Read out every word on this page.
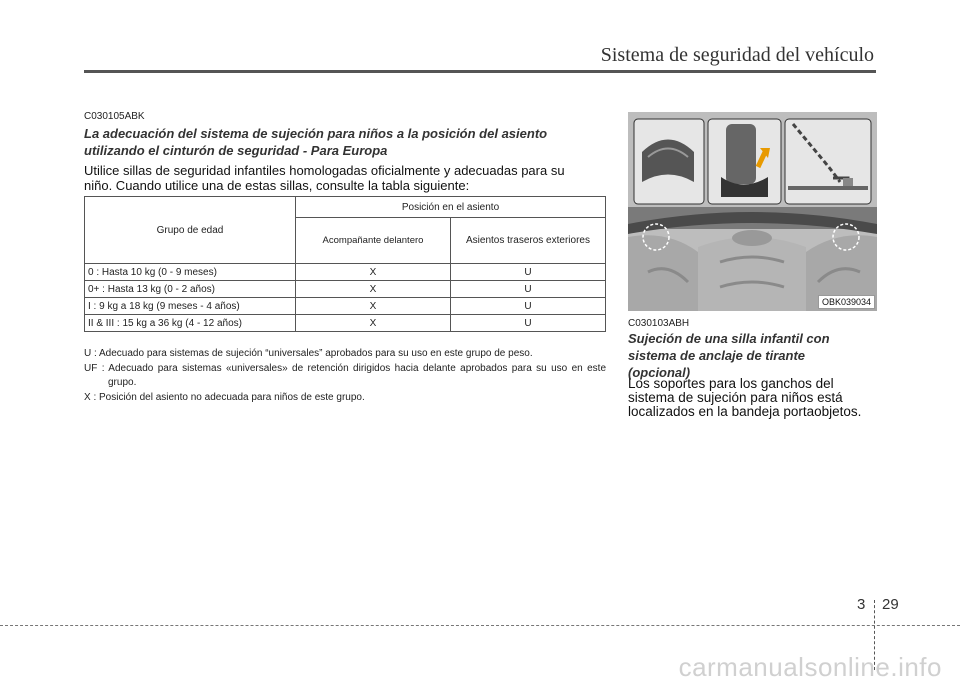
Sistema de seguridad del vehículo
C030105ABK
La adecuación del sistema de sujeción para niños a la posición del asiento
utilizando el cinturón de seguridad - Para Europa
Utilice sillas de seguridad infantiles homologadas oficialmente y adecuadas para su
niño. Cuando utilice una de estas sillas, consulte la tabla siguiente:
Grupo de edad	Posición en el asiento	
	Acompañante delantero	Asientos traseros exteriores
0 : Hasta 10 kg (0 - 9 meses)	X	U
0+ : Hasta 13 kg (0 - 2 años)	X	U
I : 9 kg a 18 kg (9 meses - 4 años)	X	U
II & III : 15 kg a 36 kg (4 - 12 años)	X	U
U : Adecuado para sistemas de sujeción “universales” aprobados para su uso en este grupo de peso.
UF : Adecuado para sistemas «universales» de retención dirigidos hacia delante aprobados para su uso en este grupo.
X : Posición del asiento no adecuada para niños de este grupo.
OBK039034
C030103ABH
Sujeción de una silla infantil con
sistema de anclaje de tirante
(opcional)
Los soportes para los ganchos del
sistema de sujeción para niños está
localizados en la bandeja portaobjetos.
3 29
carmanualsonline.info
